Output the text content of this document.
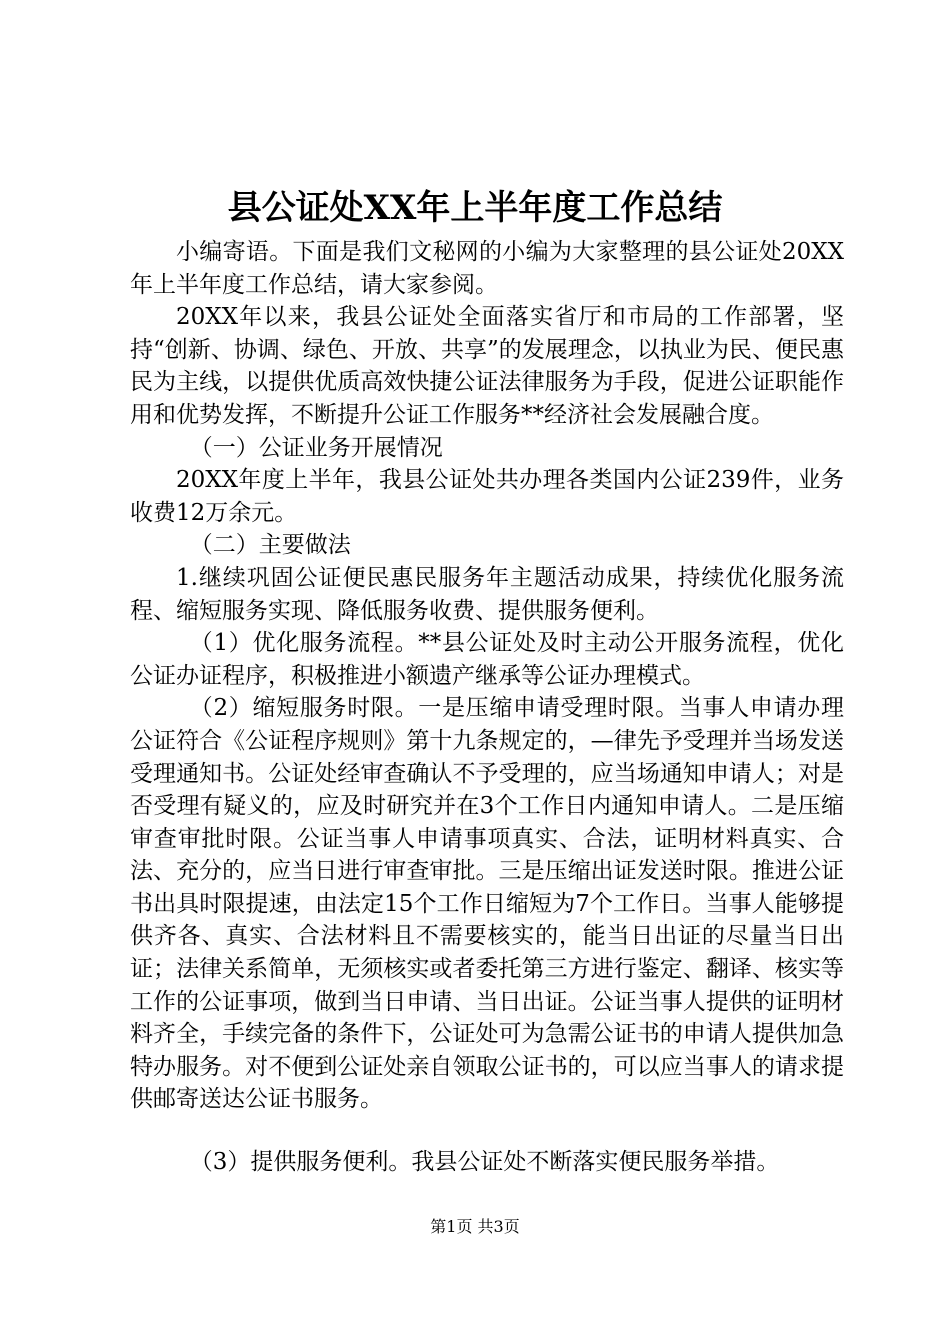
县公证处XX年上半年度工作总结

小编寄语。下面是我们文秘网的小编为大家整理的县公证处20XX年上半年度工作总结，请大家参阅。

20XX年以来，我县公证处全面落实省厅和市局的工作部署，坚持“创新、协调、绿色、开放、共享”的发展理念，以执业为民、便民惠民为主线，以提供优质高效快捷公证法律服务为手段，促进公证职能作用和优势发挥，不断提升公证工作服务**经济社会发展融合度。

（一）公证业务开展情况

20XX年度上半年，我县公证处共办理各类国内公证239件，业务收费12万余元。

（二）主要做法

1.继续巩固公证便民惠民服务年主题活动成果，持续优化服务流程、缩短服务实现、降低服务收费、提供服务便利。

（1）优化服务流程。**县公证处及时主动公开服务流程，优化公证办证程序，积极推进小额遗产继承等公证办理模式。

（2）缩短服务时限。一是压缩申请受理时限。当事人申请办理公证符合《公证程序规则》第十九条规定的，—律先予受理并当场发送受理通知书。公证处经审查确认不予受理的，应当场通知申请人；对是否受理有疑义的，应及时研究并在3个工作日内通知申请人。二是压缩审查审批时限。公证当事人申请事项真实、合法，证明材料真实、合法、充分的，应当日进行审查审批。三是压缩出证发送时限。推进公证书出具时限提速，由法定15个工作日缩短为7个工作日。当事人能够提供齐各、真实、合法材料且不需要核实的，能当日出证的尽量当日出证；法律关系简单，无须核实或者委托第三方进行鉴定、翻译、核实等工作的公证事项，做到当日申请、当日出证。公证当事人提供的证明材料齐全，手续完备的条件下，公证处可为急需公证书的申请人提供加急特办服务。对不便到公证处亲自领取公证书的，可以应当事人的请求提供邮寄送达公证书服务。

（3）提供服务便利。我县公证处不断落实便民服务举措。

第1页 共3页
